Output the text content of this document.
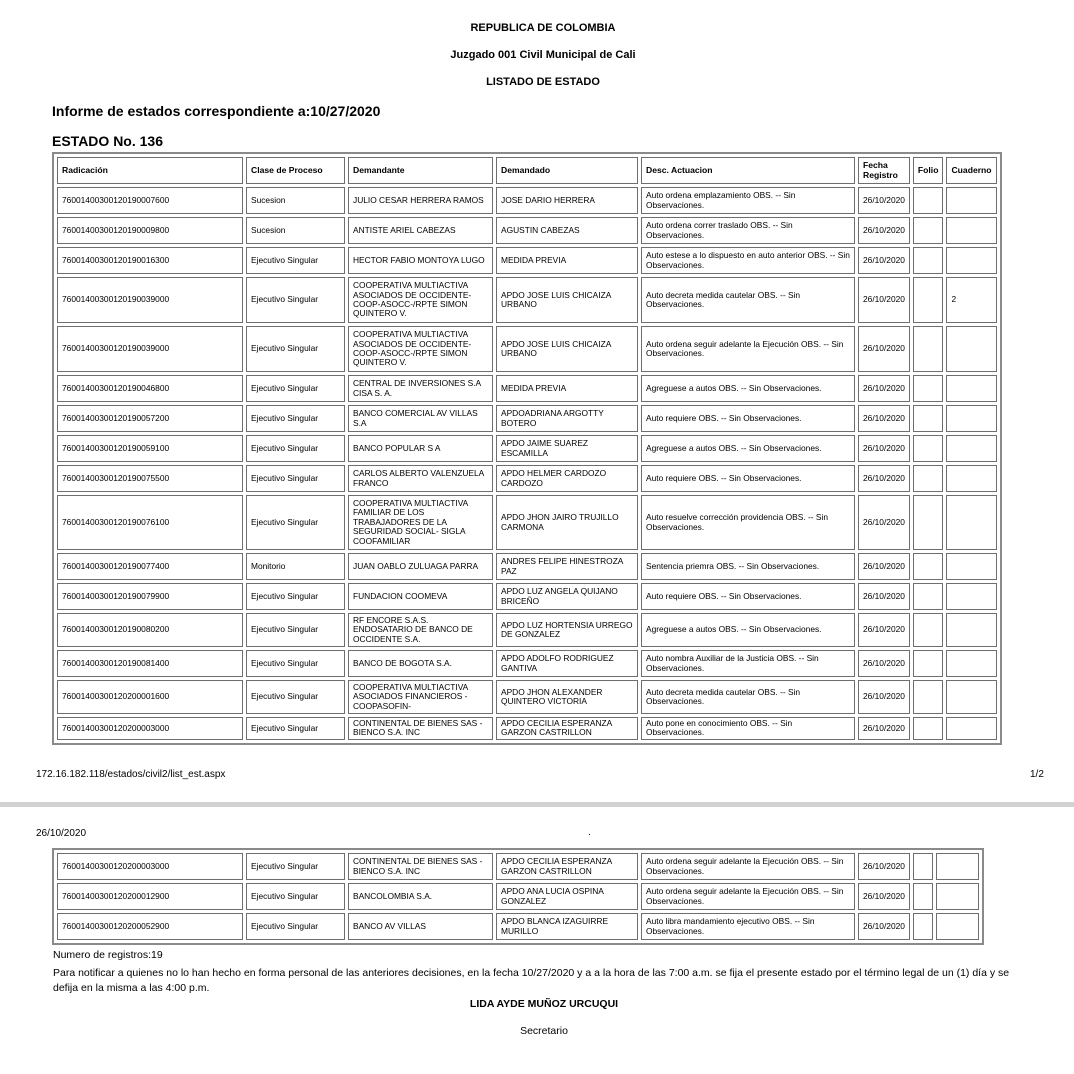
REPUBLICA DE COLOMBIA
Juzgado 001 Civil Municipal de Cali
LISTADO DE ESTADO
Informe de estados correspondiente a:10/27/2020
ESTADO No. 136
Radicación	Clase de Proceso	Demandante	Demandado	Desc. Actuacion	Fecha Registro	Folio	Cuaderno
76001400300120190007600	Sucesion	JULIO CESAR HERRERA RAMOS	JOSE DARIO HERRERA	Auto ordena emplazamiento OBS. -- Sin Observaciones.	26/10/2020		
76001400300120190009800	Sucesion	ANTISTE ARIEL CABEZAS	AGUSTIN CABEZAS	Auto ordena correr traslado OBS. -- Sin Observaciones.	26/10/2020		
76001400300120190016300	Ejecutivo Singular	HECTOR FABIO MONTOYA LUGO	MEDIDA PREVIA	Auto estese a lo dispuesto en auto anterior OBS. -- Sin Observaciones.	26/10/2020		
76001400300120190039000	Ejecutivo Singular	COOPERATIVA MULTIACTIVA ASOCIADOS DE OCCIDENTE-COOP-ASOCC-/RPTE SIMON QUINTERO V.	APDO JOSE LUIS CHICAIZA URBANO	Auto decreta medida cautelar OBS. -- Sin Observaciones.	26/10/2020		2
76001400300120190039000	Ejecutivo Singular	COOPERATIVA MULTIACTIVA ASOCIADOS DE OCCIDENTE-COOP-ASOCC-/RPTE SIMON QUINTERO V.	APDO JOSE LUIS CHICAIZA URBANO	Auto ordena seguir adelante la Ejecución OBS. -- Sin Observaciones.	26/10/2020		
76001400300120190046800	Ejecutivo Singular	CENTRAL DE INVERSIONES S.A CISA S. A.	MEDIDA PREVIA	Agreguese a autos OBS. -- Sin Observaciones.	26/10/2020		
76001400300120190057200	Ejecutivo Singular	BANCO COMERCIAL AV VILLAS S.A	APDOADRIANA ARGOTTY BOTERO	Auto requiere OBS. -- Sin Observaciones.	26/10/2020		
76001400300120190059100	Ejecutivo Singular	BANCO POPULAR S A	APDO JAIME SUAREZ ESCAMILLA	Agreguese a autos OBS. -- Sin Observaciones.	26/10/2020		
76001400300120190075500	Ejecutivo Singular	CARLOS ALBERTO VALENZUELA FRANCO	APDO HELMER CARDOZO CARDOZO	Auto requiere OBS. -- Sin Observaciones.	26/10/2020		
76001400300120190076100	Ejecutivo Singular	COOPERATIVA MULTIACTIVA FAMILIAR DE LOS TRABAJADORES DE LA SEGURIDAD SOCIAL- SIGLA COOFAMILIAR	APDO JHON JAIRO TRUJILLO CARMONA	Auto resuelve corrección providencia OBS. -- Sin Observaciones.	26/10/2020		
76001400300120190077400	Monitorio	JUAN OABLO ZULUAGA PARRA	ANDRES FELIPE HINESTROZA PAZ	Sentencia priemra OBS. -- Sin Observaciones.	26/10/2020		
76001400300120190079900	Ejecutivo Singular	FUNDACION COOMEVA	APDO LUZ ANGELA QUIJANO BRICEÑO	Auto requiere OBS. -- Sin Observaciones.	26/10/2020		
76001400300120190080200	Ejecutivo Singular	RF ENCORE S.A.S. ENDOSATARIO DE BANCO DE OCCIDENTE S.A.	APDO LUZ HORTENSIA URREGO DE GONZALEZ	Agreguese a autos OBS. -- Sin Observaciones.	26/10/2020		
76001400300120190081400	Ejecutivo Singular	BANCO DE BOGOTA S.A.	APDO ADOLFO RODRIGUEZ GANTIVA	Auto nombra Auxiliar de la Justicia OBS. -- Sin Observaciones.	26/10/2020		
76001400300120200001600	Ejecutivo Singular	COOPERATIVA MULTIACTIVA ASOCIADOS FINANCIEROS - COOPASOFIN-	APDO JHON ALEXANDER QUINTERO VICTORIA	Auto decreta medida cautelar OBS. -- Sin Observaciones.	26/10/2020		
76001400300120200003000	Ejecutivo Singular	CONTINENTAL DE BIENES SAS - BIENCO S.A. INC	APDO CECILIA ESPERANZA GARZON CASTRILLON	Auto pone en conocimiento OBS. -- Sin Observaciones.	26/10/2020		
172.16.182.118/estados/civil2/list_est.aspx	1/2
26/10/2020	.
76001400300120200003000	Ejecutivo Singular	CONTINENTAL DE BIENES SAS - BIENCO S.A. INC	APDO CECILIA ESPERANZA GARZON CASTRILLON	Auto ordena seguir adelante la Ejecución OBS. -- Sin Observaciones.	26/10/2020		
76001400300120200012900	Ejecutivo Singular	BANCOLOMBIA S.A.	APDO ANA LUCIA OSPINA GONZALEZ	Auto ordena seguir adelante la Ejecución OBS. -- Sin Observaciones.	26/10/2020		
76001400300120200052900	Ejecutivo Singular	BANCO AV VILLAS	APDO BLANCA IZAGUIRRE MURILLO	Auto libra mandamiento ejecutivo OBS. -- Sin Observaciones.	26/10/2020		
Numero de registros:19
Para notificar a quienes no lo han hecho en forma personal de las anteriores decisiones, en la fecha 10/27/2020 y a a la hora de las 7:00 a.m. se fija el presente estado por el término legal de un (1) día y se defija en la misma a las 4:00 p.m.
LIDA AYDE MUÑOZ URCUQUI
Secretario
